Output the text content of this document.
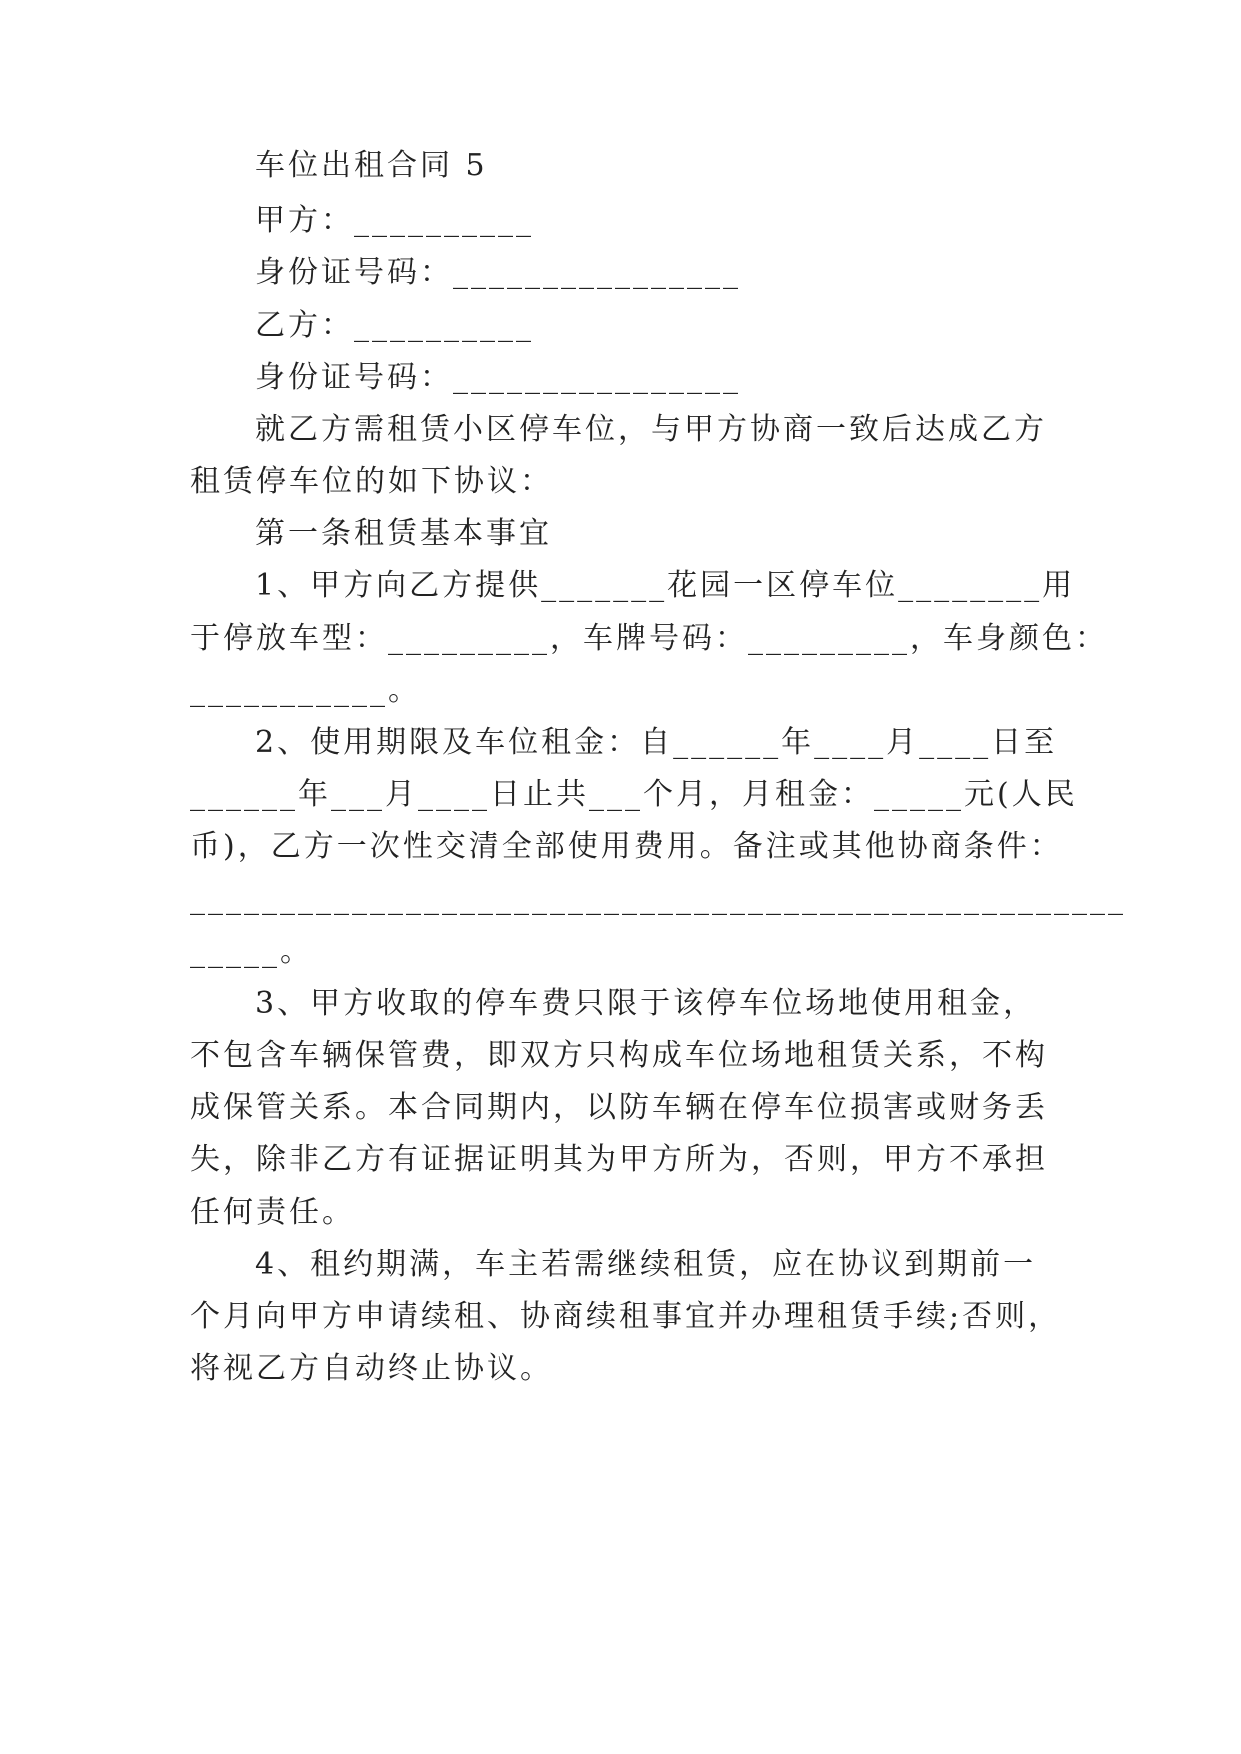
车位出租合同 5
甲方：__________
身份证号码：________________
乙方：__________
身份证号码：________________
就乙方需租赁小区停车位，与甲方协商一致后达成乙方
租赁停车位的如下协议：
第一条租赁基本事宜
1、甲方向乙方提供_______花园一区停车位________用
于停放车型：_________，车牌号码：_________，车身颜色：
___________。
2、使用期限及车位租金：自______年____月____日至
______年___月____日止共___个月，月租金：_____元(人民
币)，乙方一次性交清全部使用费用。备注或其他协商条件：
____________________________________________________
_____。
3、甲方收取的停车费只限于该停车位场地使用租金，
不包含车辆保管费，即双方只构成车位场地租赁关系，不构
成保管关系。本合同期内，以防车辆在停车位损害或财务丢
失，除非乙方有证据证明其为甲方所为，否则，甲方不承担
任何责任。
4、租约期满，车主若需继续租赁，应在协议到期前一
个月向甲方申请续租、协商续租事宜并办理租赁手续;否则，
将视乙方自动终止协议。
